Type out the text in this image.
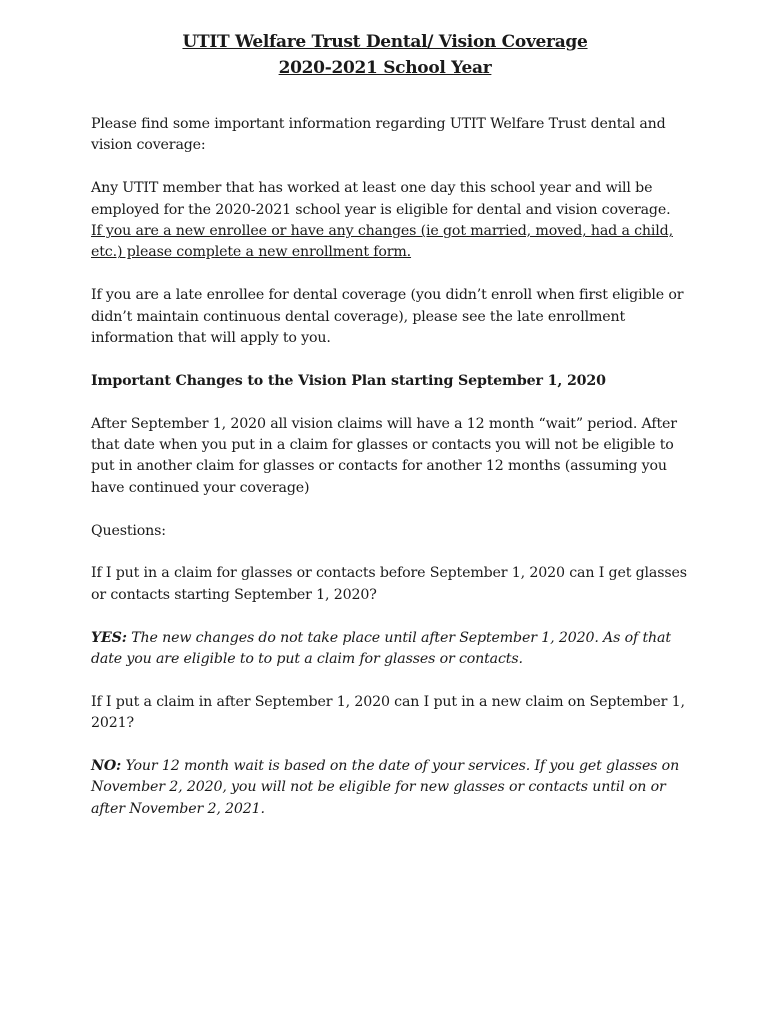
UTIT Welfare Trust Dental/ Vision Coverage
2020-2021 School Year

Please find some important information regarding UTIT Welfare Trust dental and vision coverage:

Any UTIT member that has worked at least one day this school year and will be employed for the 2020-2021 school year is eligible for dental and vision coverage.

If you are a new enrollee or have any changes (ie got married, moved, had a child, etc.) please complete a new enrollment form.

If you are a late enrollee for dental coverage (you didn’t enroll when first eligible or didn’t maintain continuous dental coverage), please see the late enrollment information that will apply to you.

Important Changes to the Vision Plan starting September 1, 2020

After September 1, 2020 all vision claims will have a 12 month “wait” period. After that date when you put in a claim for glasses or contacts you will not be eligible to put in another claim for glasses or contacts for another 12 months (assuming you have continued your coverage)

Questions:

If I put in a claim for glasses or contacts before September 1, 2020 can I get glasses or contacts starting September 1, 2020?

YES: The new changes do not take place until after September 1, 2020. As of that date you are eligible to to put a claim for glasses or contacts.

If I put a claim in after September 1, 2020 can I put in a new claim on September 1, 2021?

NO: Your 12 month wait is based on the date of your services. If you get glasses on November 2, 2020, you will not be eligible for new glasses or contacts until on or after November 2, 2021.
